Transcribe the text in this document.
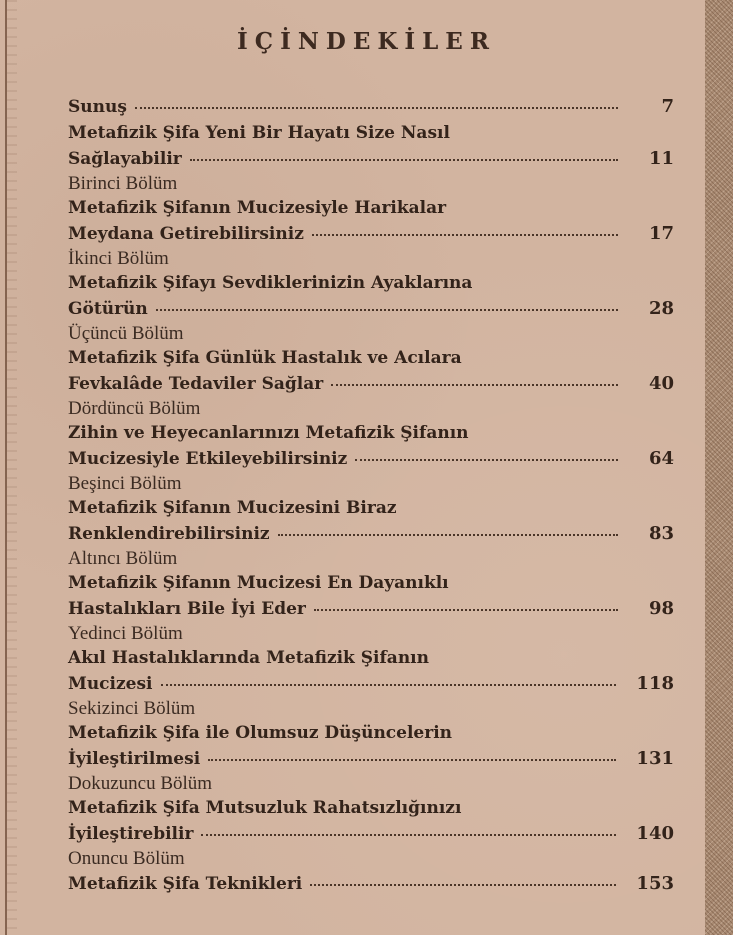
İÇİNDEKİLER
Sunuş	7
Metafizik Şifa Yeni Bir Hayatı Size Nasıl
Sağlayabilir	11
Birinci Bölüm
Metafizik Şifanın Mucizesiyle Harikalar
Meydana Getirebilirsiniz	17
İkinci Bölüm
Metafizik Şifayı Sevdiklerinizin Ayaklarına
Götürün	28
Üçüncü Bölüm
Metafizik Şifa Günlük Hastalık ve Acılara
Fevkalâde Tedaviler Sağlar	40
Dördüncü Bölüm
Zihin ve Heyecanlarınızı Metafizik Şifanın
Mucizesiyle Etkileyebilirsiniz	64
Beşinci Bölüm
Metafizik Şifanın Mucizesini Biraz
Renklendirebilirsiniz	83
Altıncı Bölüm
Metafizik Şifanın Mucizesi En Dayanıklı
Hastalıkları Bile İyi Eder	98
Yedinci Bölüm
Akıl Hastalıklarında Metafizik Şifanın
Mucizesi	118
Sekizinci Bölüm
Metafizik Şifa ile Olumsuz Düşüncelerin
İyileştirilmesi	131
Dokuzuncu Bölüm
Metafizik Şifa Mutsuzluk Rahatsızlığınızı
İyileştirebilir	140
Onuncu Bölüm
Metafizik Şifa Teknikleri	153
